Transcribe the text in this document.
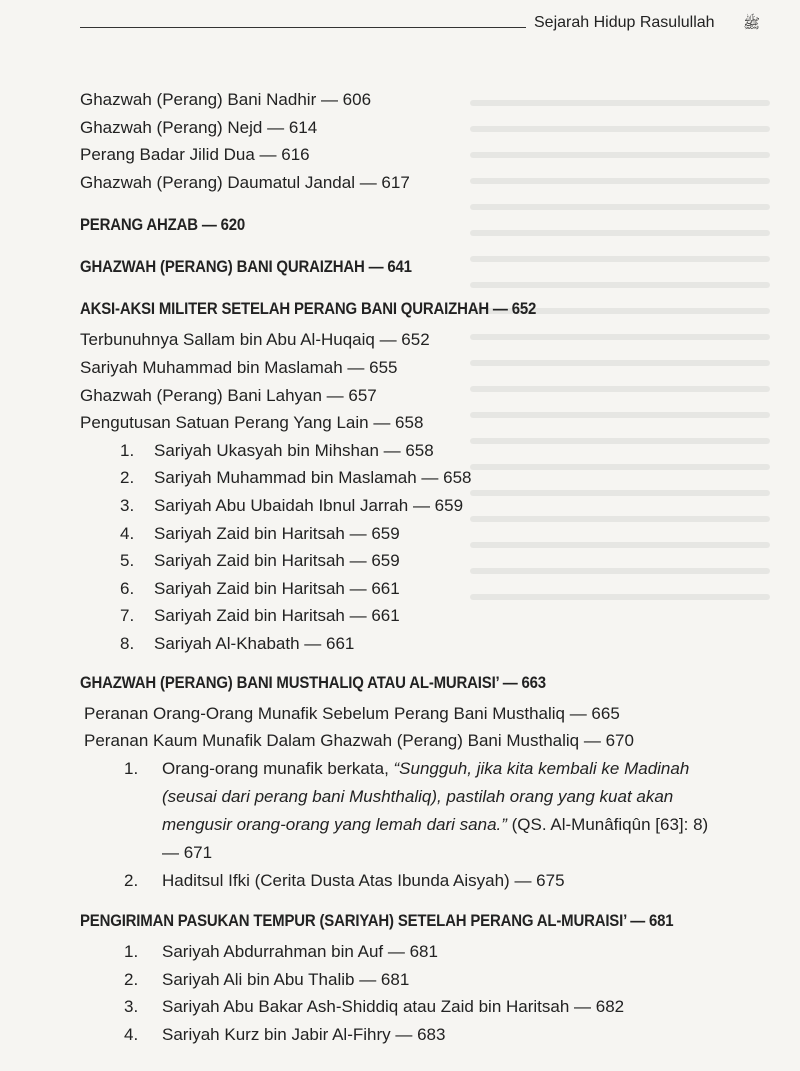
Sejarah Hidup Rasulullah ﷺ
Ghazwah (Perang) Bani Nadhir — 606
Ghazwah (Perang) Nejd — 614
Perang Badar Jilid Dua — 616
Ghazwah (Perang) Daumatul Jandal — 617
PERANG AHZAB — 620
GHAZWAH (PERANG) BANI QURAIZHAH — 641
AKSI-AKSI MILITER SETELAH PERANG BANI QURAIZHAH — 652
Terbunuhnya Sallam bin Abu Al-Huqaiq — 652
Sariyah Muhammad bin Maslamah — 655
Ghazwah (Perang) Bani Lahyan — 657
Pengutusan Satuan Perang Yang Lain — 658
1.	Sariyah Ukasyah bin Mihshan — 658
2.	Sariyah Muhammad bin Maslamah — 658
3.	Sariyah Abu Ubaidah Ibnul Jarrah — 659
4.	Sariyah Zaid bin Haritsah — 659
5.	Sariyah Zaid bin Haritsah — 659
6.	Sariyah Zaid bin Haritsah — 661
7.	Sariyah Zaid bin Haritsah — 661
8.	Sariyah Al-Khabath — 661
GHAZWAH (PERANG) BANI MUSTHALIQ ATAU AL-MURAISI’ — 663
Peranan Orang-Orang Munafik Sebelum Perang Bani Musthaliq — 665
Peranan Kaum Munafik Dalam Ghazwah (Perang) Bani Musthaliq — 670
1.	Orang-orang munafik berkata, “Sungguh, jika kita kembali ke Madinah (seusai dari perang bani Mushthaliq), pastilah orang yang kuat akan mengusir orang-orang yang lemah dari sana.” (QS. Al-Munâfiqûn [63]: 8) — 671
2.	Haditsul Ifki (Cerita Dusta Atas Ibunda Aisyah) — 675
PENGIRIMAN PASUKAN TEMPUR (SARIYAH) SETELAH PERANG AL-MURAISI’ — 681
1.	Sariyah Abdurrahman bin Auf — 681
2.	Sariyah Ali bin Abu Thalib — 681
3.	Sariyah Abu Bakar Ash-Shiddiq atau Zaid bin Haritsah — 682
4.	Sariyah Kurz bin Jabir Al-Fihry — 683
